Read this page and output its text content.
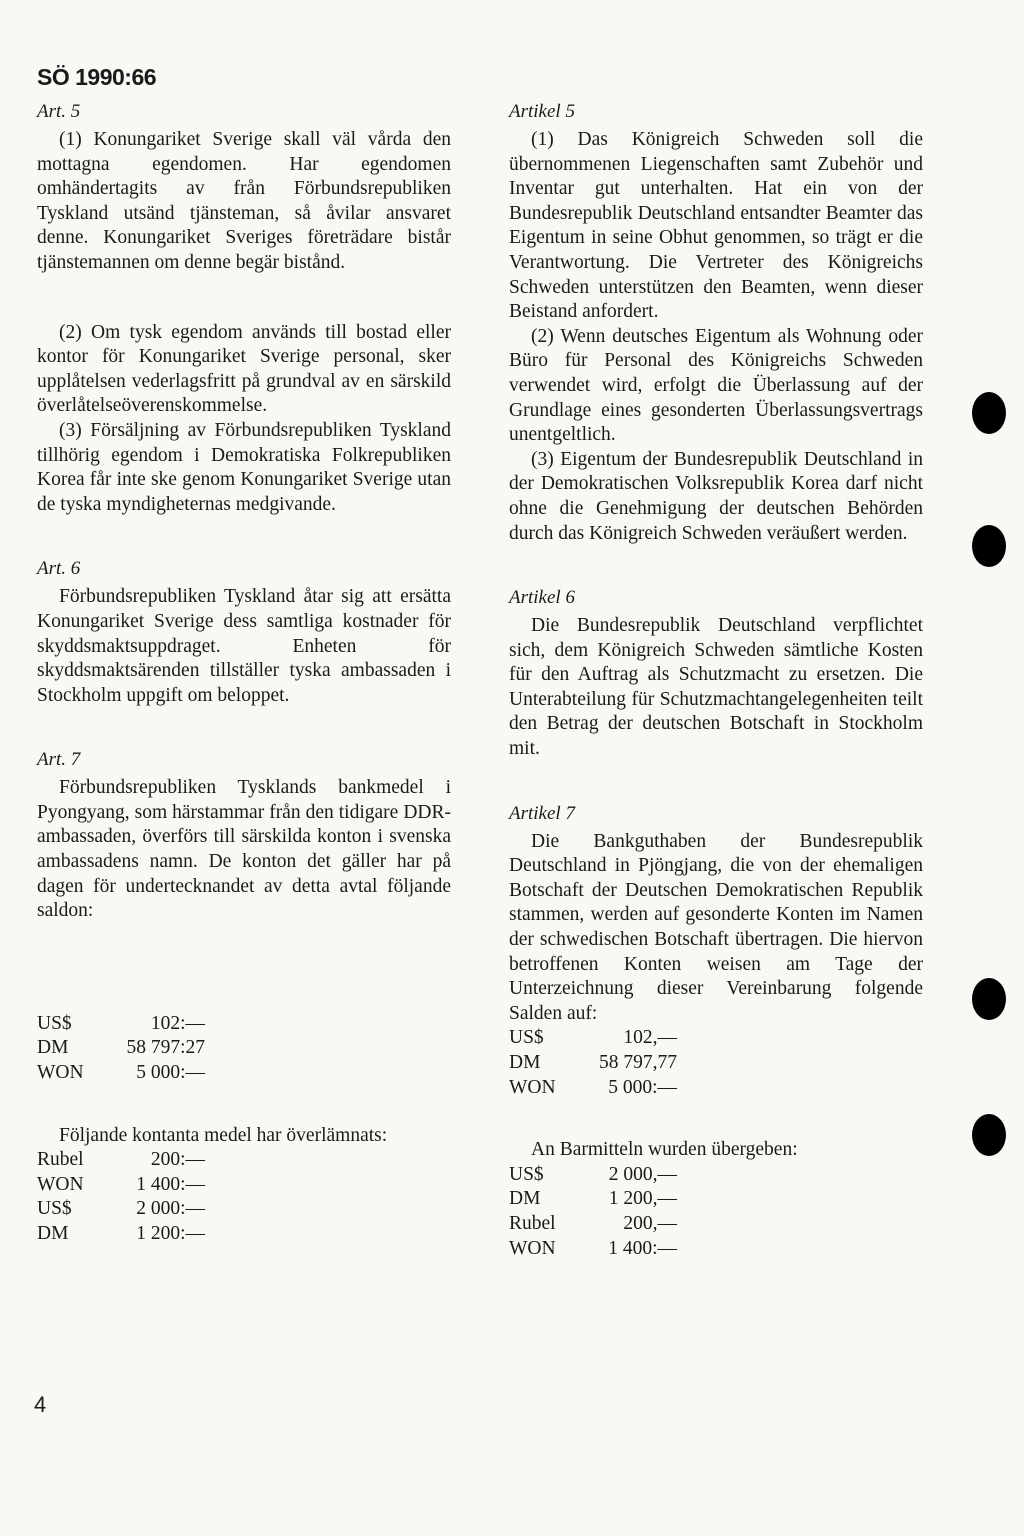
SÖ 1990:66

Art. 5

(1) Konungariket Sverige skall väl vårda den mottagna egendomen. Har egendomen omhändertagits av från Förbundsrepubliken Tyskland utsänd tjänsteman, så åvilar ansvaret denne. Konungariket Sveriges företrädare bistår tjänstemannen om denne begär bistånd.

(2) Om tysk egendom används till bostad eller kontor för Konungariket Sverige personal, sker upplåtelsen vederlagsfritt på grundval av en särskild överlåtelseöverenskommelse.

(3) Försäljning av Förbundsrepubliken Tyskland tillhörig egendom i Demokratiska Folkrepubliken Korea får inte ske genom Konungariket Sverige utan de tyska myndigheternas medgivande.

Art. 6

Förbundsrepubliken Tyskland åtar sig att ersätta Konungariket Sverige dess samtliga kostnader för skyddsmaktsuppdraget. Enheten för skyddsmaktsärenden tillställer tyska ambassaden i Stockholm uppgift om beloppet.

Art. 7

Förbundsrepubliken Tysklands bankmedel i Pyongyang, som härstammar från den tidigare DDR-ambassaden, överförs till särskilda konton i svenska ambassadens namn. De konton det gäller har på dagen för undertecknandet av detta avtal följande saldon:

US$	102:—
DM	58 797:27
WON	5 000:—

Följande kontanta medel har överlämnats:

Rubel	200:—
WON	1 400:—
US$	2 000:—
DM	1 200:—

Artikel 5

(1) Das Königreich Schweden soll die übernommenen Liegenschaften samt Zubehör und Inventar gut unterhalten. Hat ein von der Bundesrepublik Deutschland entsandter Beamter das Eigentum in seine Obhut genommen, so trägt er die Verantwortung. Die Vertreter des Königreichs Schweden unterstützen den Beamten, wenn dieser Beistand anfordert.

(2) Wenn deutsches Eigentum als Wohnung oder Büro für Personal des Königreichs Schweden verwendet wird, erfolgt die Überlassung auf der Grundlage eines gesonderten Überlassungsvertrags unentgeltlich.

(3) Eigentum der Bundesrepublik Deutschland in der Demokratischen Volksrepublik Korea darf nicht ohne die Genehmigung der deutschen Behörden durch das Königreich Schweden veräußert werden.

Artikel 6

Die Bundesrepublik Deutschland verpflichtet sich, dem Königreich Schweden sämtliche Kosten für den Auftrag als Schutzmacht zu ersetzen. Die Unterabteilung für Schutzmachtangelegenheiten teilt den Betrag der deutschen Botschaft in Stockholm mit.

Artikel 7

Die Bankguthaben der Bundesrepublik Deutschland in Pjöngjang, die von der ehemaligen Botschaft der Deutschen Demokratischen Republik stammen, werden auf gesonderte Konten im Namen der schwedischen Botschaft übertragen. Die hiervon betroffenen Konten weisen am Tage der Unterzeichnung dieser Vereinbarung folgende Salden auf:

US$	102,—
DM	58 797,77
WON	5 000:—

An Barmitteln wurden übergeben:

US$	2 000,—
DM	1 200,—
Rubel	200,—
WON	1 400:—
4
